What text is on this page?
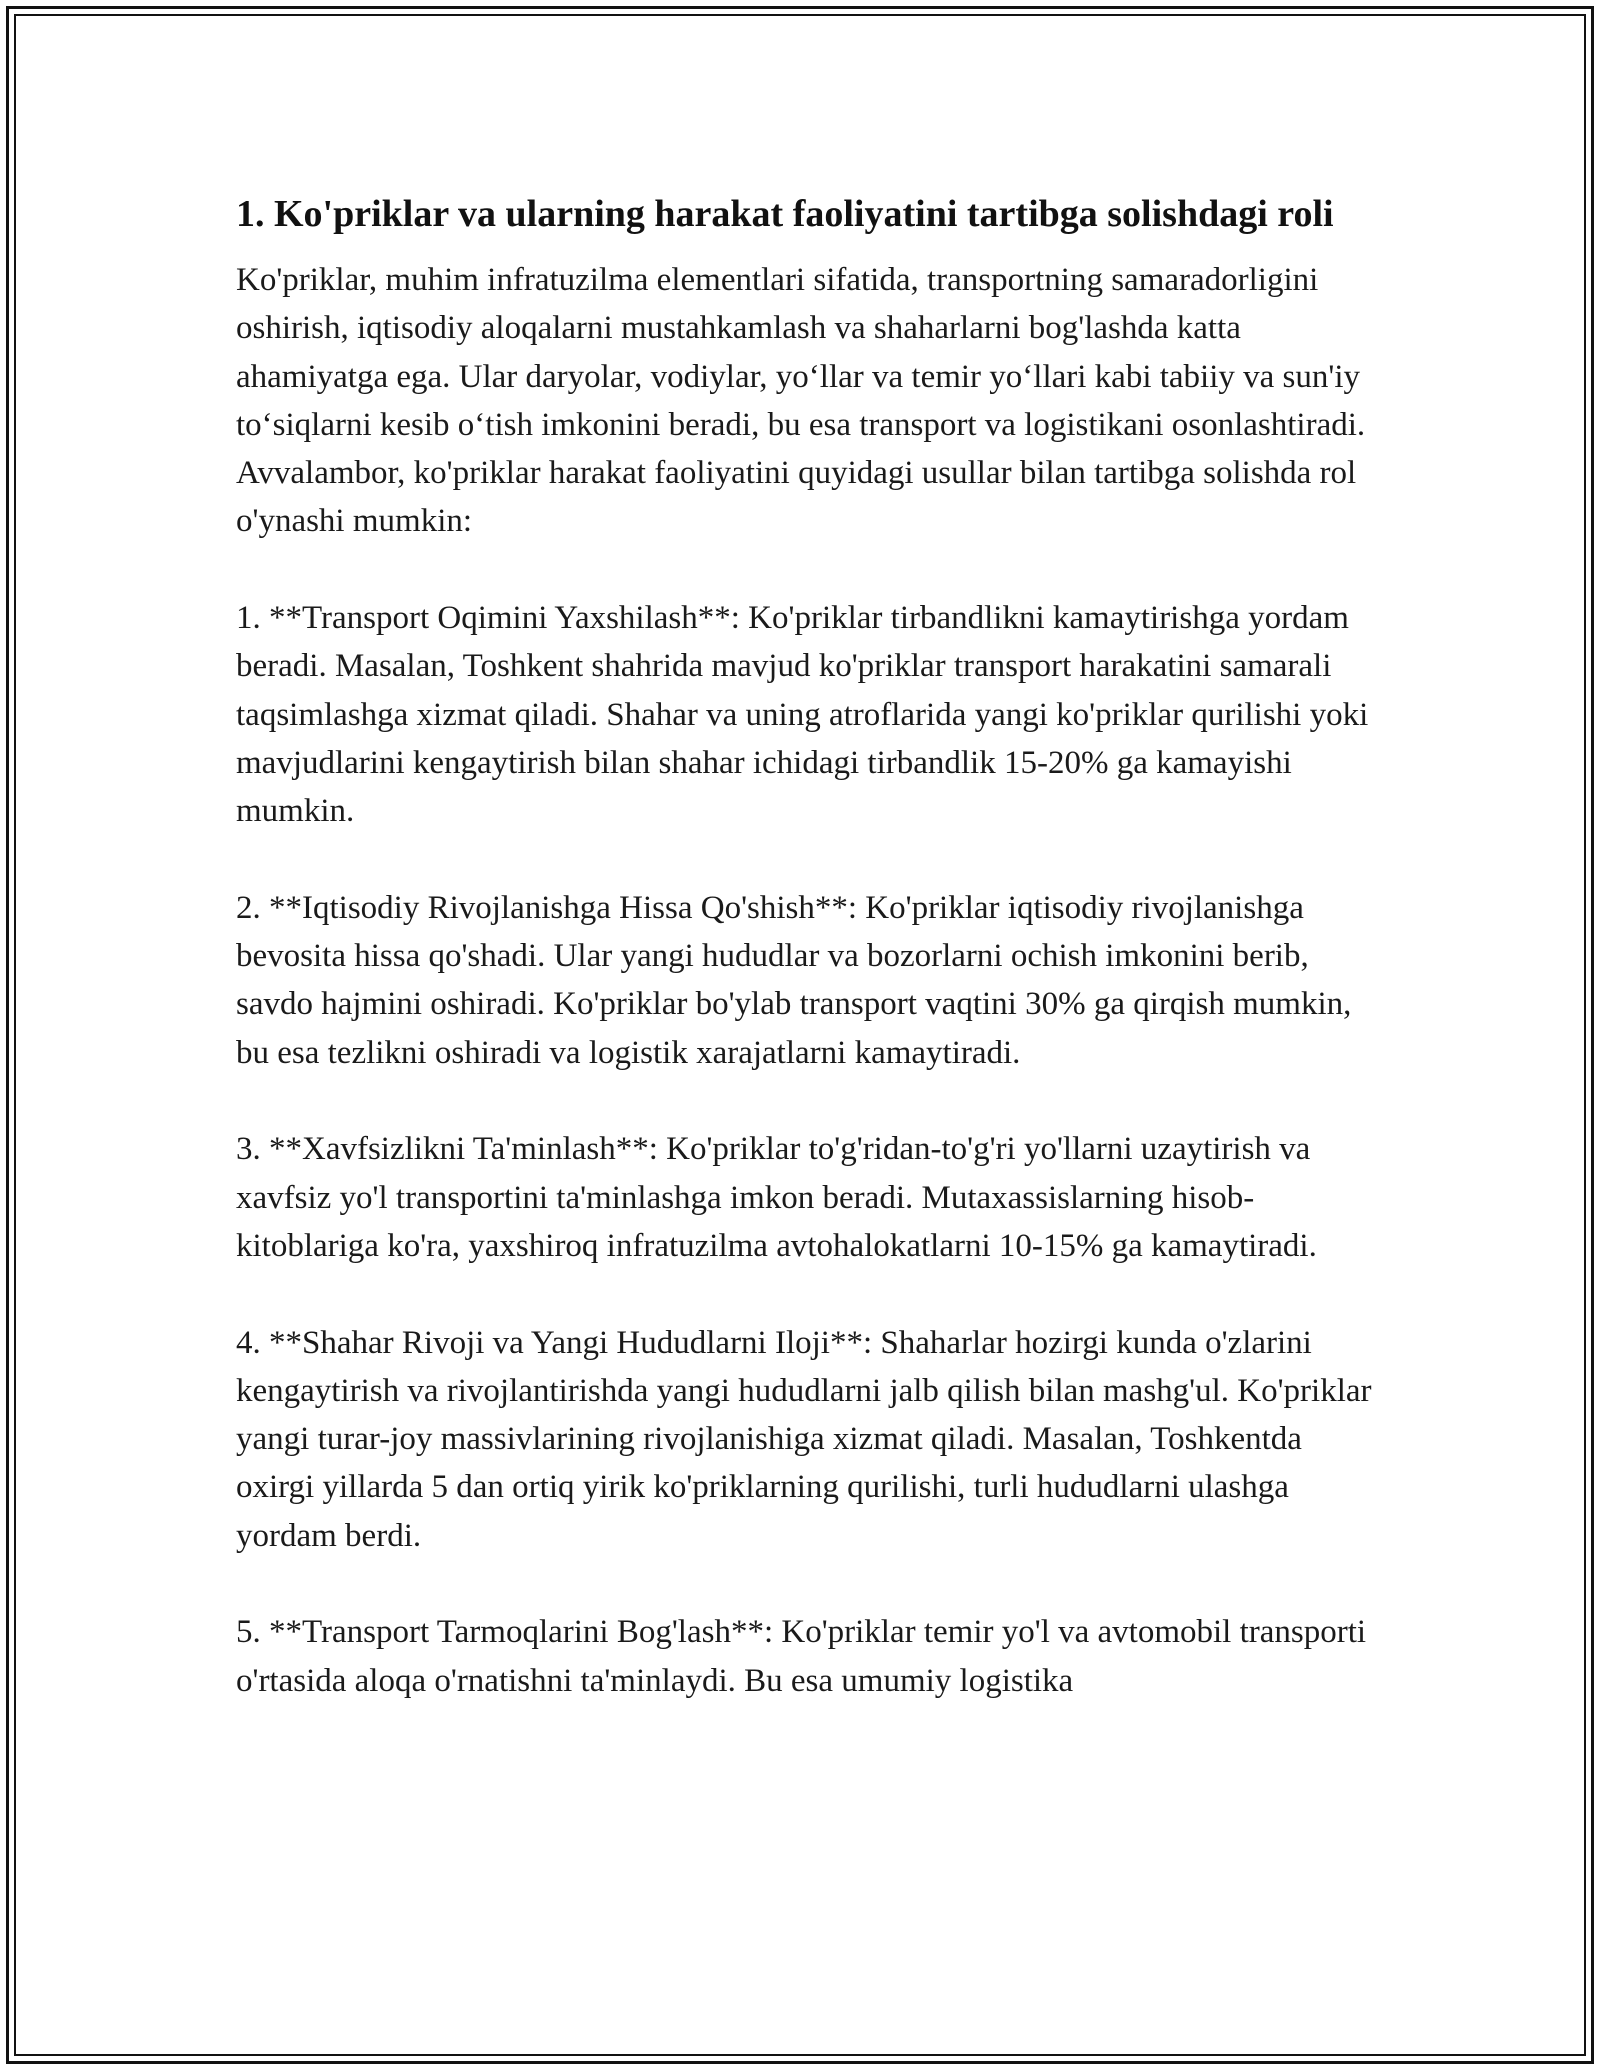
1. Ko'priklar va ularning harakat faoliyatini tartibga solishdagi roli

Ko'priklar, muhim infratuzilma elementlari sifatida, transportning samaradorligini oshirish, iqtisodiy aloqalarni mustahkamlash va shaharlarni bog'lashda katta ahamiyatga ega. Ular daryolar, vodiylar, yo‘llar va temir yo‘llari kabi tabiiy va sun'iy to‘siqlarni kesib o‘tish imkonini beradi, bu esa transport va logistikani osonlashtiradi. Avvalambor, ko'priklar harakat faoliyatini quyidagi usullar bilan tartibga solishda rol o'ynashi mumkin:

1. **Transport Oqimini Yaxshilash**: Ko'priklar tirbandlikni kamaytirishga yordam beradi. Masalan, Toshkent shahrida mavjud ko'priklar transport harakatini samarali taqsimlashga xizmat qiladi. Shahar va uning atroflarida yangi ko'priklar qurilishi yoki mavjudlarini kengaytirish bilan shahar ichidagi tirbandlik 15-20% ga kamayishi mumkin.

2. **Iqtisodiy Rivojlanishga Hissa Qo'shish**: Ko'priklar iqtisodiy rivojlanishga bevosita hissa qo'shadi. Ular yangi hududlar va bozorlarni ochish imkonini berib, savdo hajmini oshiradi. Ko'priklar bo'ylab transport vaqtini 30% ga qirqish mumkin, bu esa tezlikni oshiradi va logistik xarajatlarni kamaytiradi.

3. **Xavfsizlikni Ta'minlash**: Ko'priklar to'g'ridan-to'g'ri yo'llarni uzaytirish va xavfsiz yo'l transportini ta'minlashga imkon beradi. Mutaxassislarning hisob-kitoblariga ko'ra, yaxshiroq infratuzilma avtohalokatlarni 10-15% ga kamaytiradi.

4. **Shahar Rivoji va Yangi Hududlarni Iloji**: Shaharlar hozirgi kunda o'zlarini kengaytirish va rivojlantirishda yangi hududlarni jalb qilish bilan mashg'ul. Ko'priklar yangi turar-joy massivlarining rivojlanishiga xizmat qiladi. Masalan, Toshkentda oxirgi yillarda 5 dan ortiq yirik ko'priklarning qurilishi, turli hududlarni ulashga yordam berdi.

5. **Transport Tarmoqlarini Bog'lash**: Ko'priklar temir yo'l va avtomobil transporti o'rtasida aloqa o'rnatishni ta'minlaydi. Bu esa umumiy logistika
